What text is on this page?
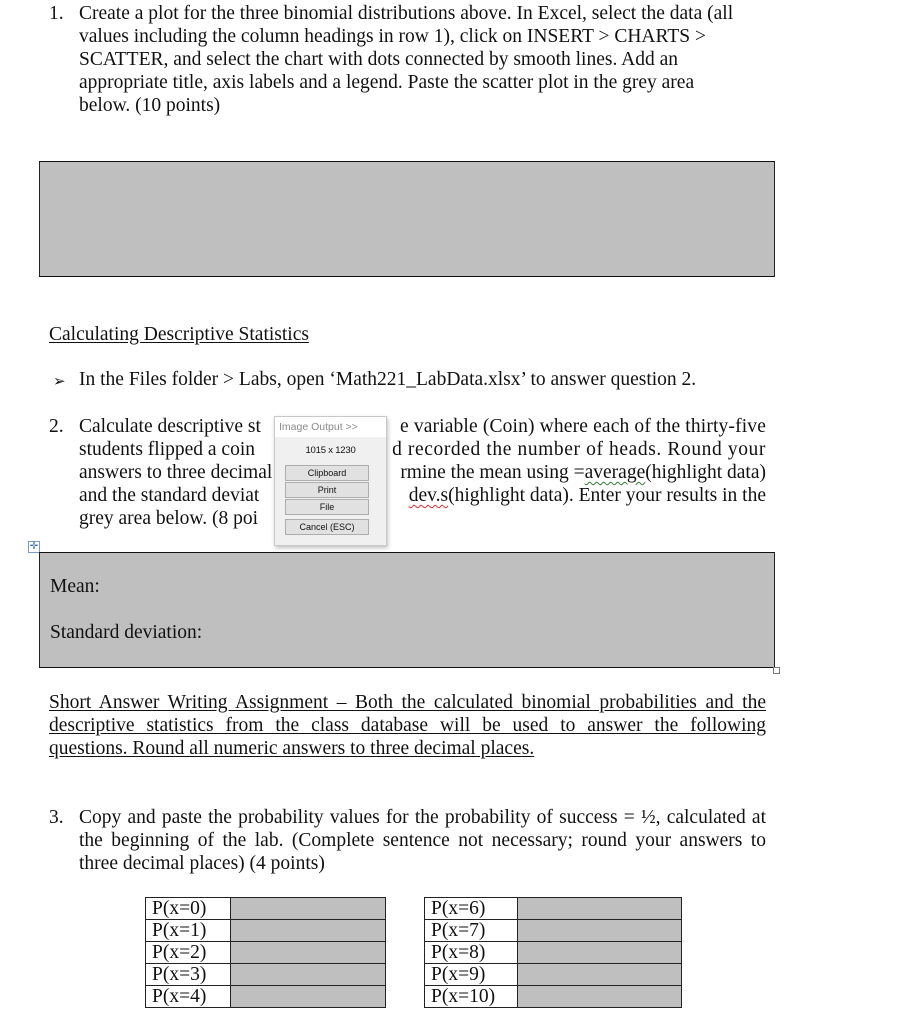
1. Create a plot for the three binomial distributions above. In Excel, select the data (all
values including the column headings in row 1), click on INSERT > CHARTS >
SCATTER, and select the chart with dots connected by smooth lines. Add an
appropriate title, axis labels and a legend. Paste the scatter plot in the grey area
below. (10 points)
Calculating Descriptive Statistics
➢ In the Files folder > Labs, open ‘Math221_LabData.xlsx’ to answer question 2.
2. Calculate descriptive st
students flipped a coin
answers to three decimal
and the standard deviat
grey area below. (8 poi
e variable (Coin) where each of the thirty-five
d recorded the number of heads. Round your
rmine the mean using =average(highlight data)
dev.s(highlight data). Enter your results in the
Image Output >>
1015 x 1230
Clipboard
Print
File
Cancel (ESC)
✛
Mean:
Standard deviation:
Short Answer Writing Assignment – Both the calculated binomial probabilities and the
descriptive statistics from the class database will be used to answer the following
questions. Round all numeric answers to three decimal places.
3. Copy and paste the probability values for the probability of success = ½, calculated at
the beginning of the lab. (Complete sentence not necessary; round your answers to
three decimal places) (4 points)
P(x=0)	
P(x=1)	
P(x=2)	
P(x=3)	
P(x=4)	
P(x=6)	
P(x=7)	
P(x=8)	
P(x=9)	
P(x=10)	
